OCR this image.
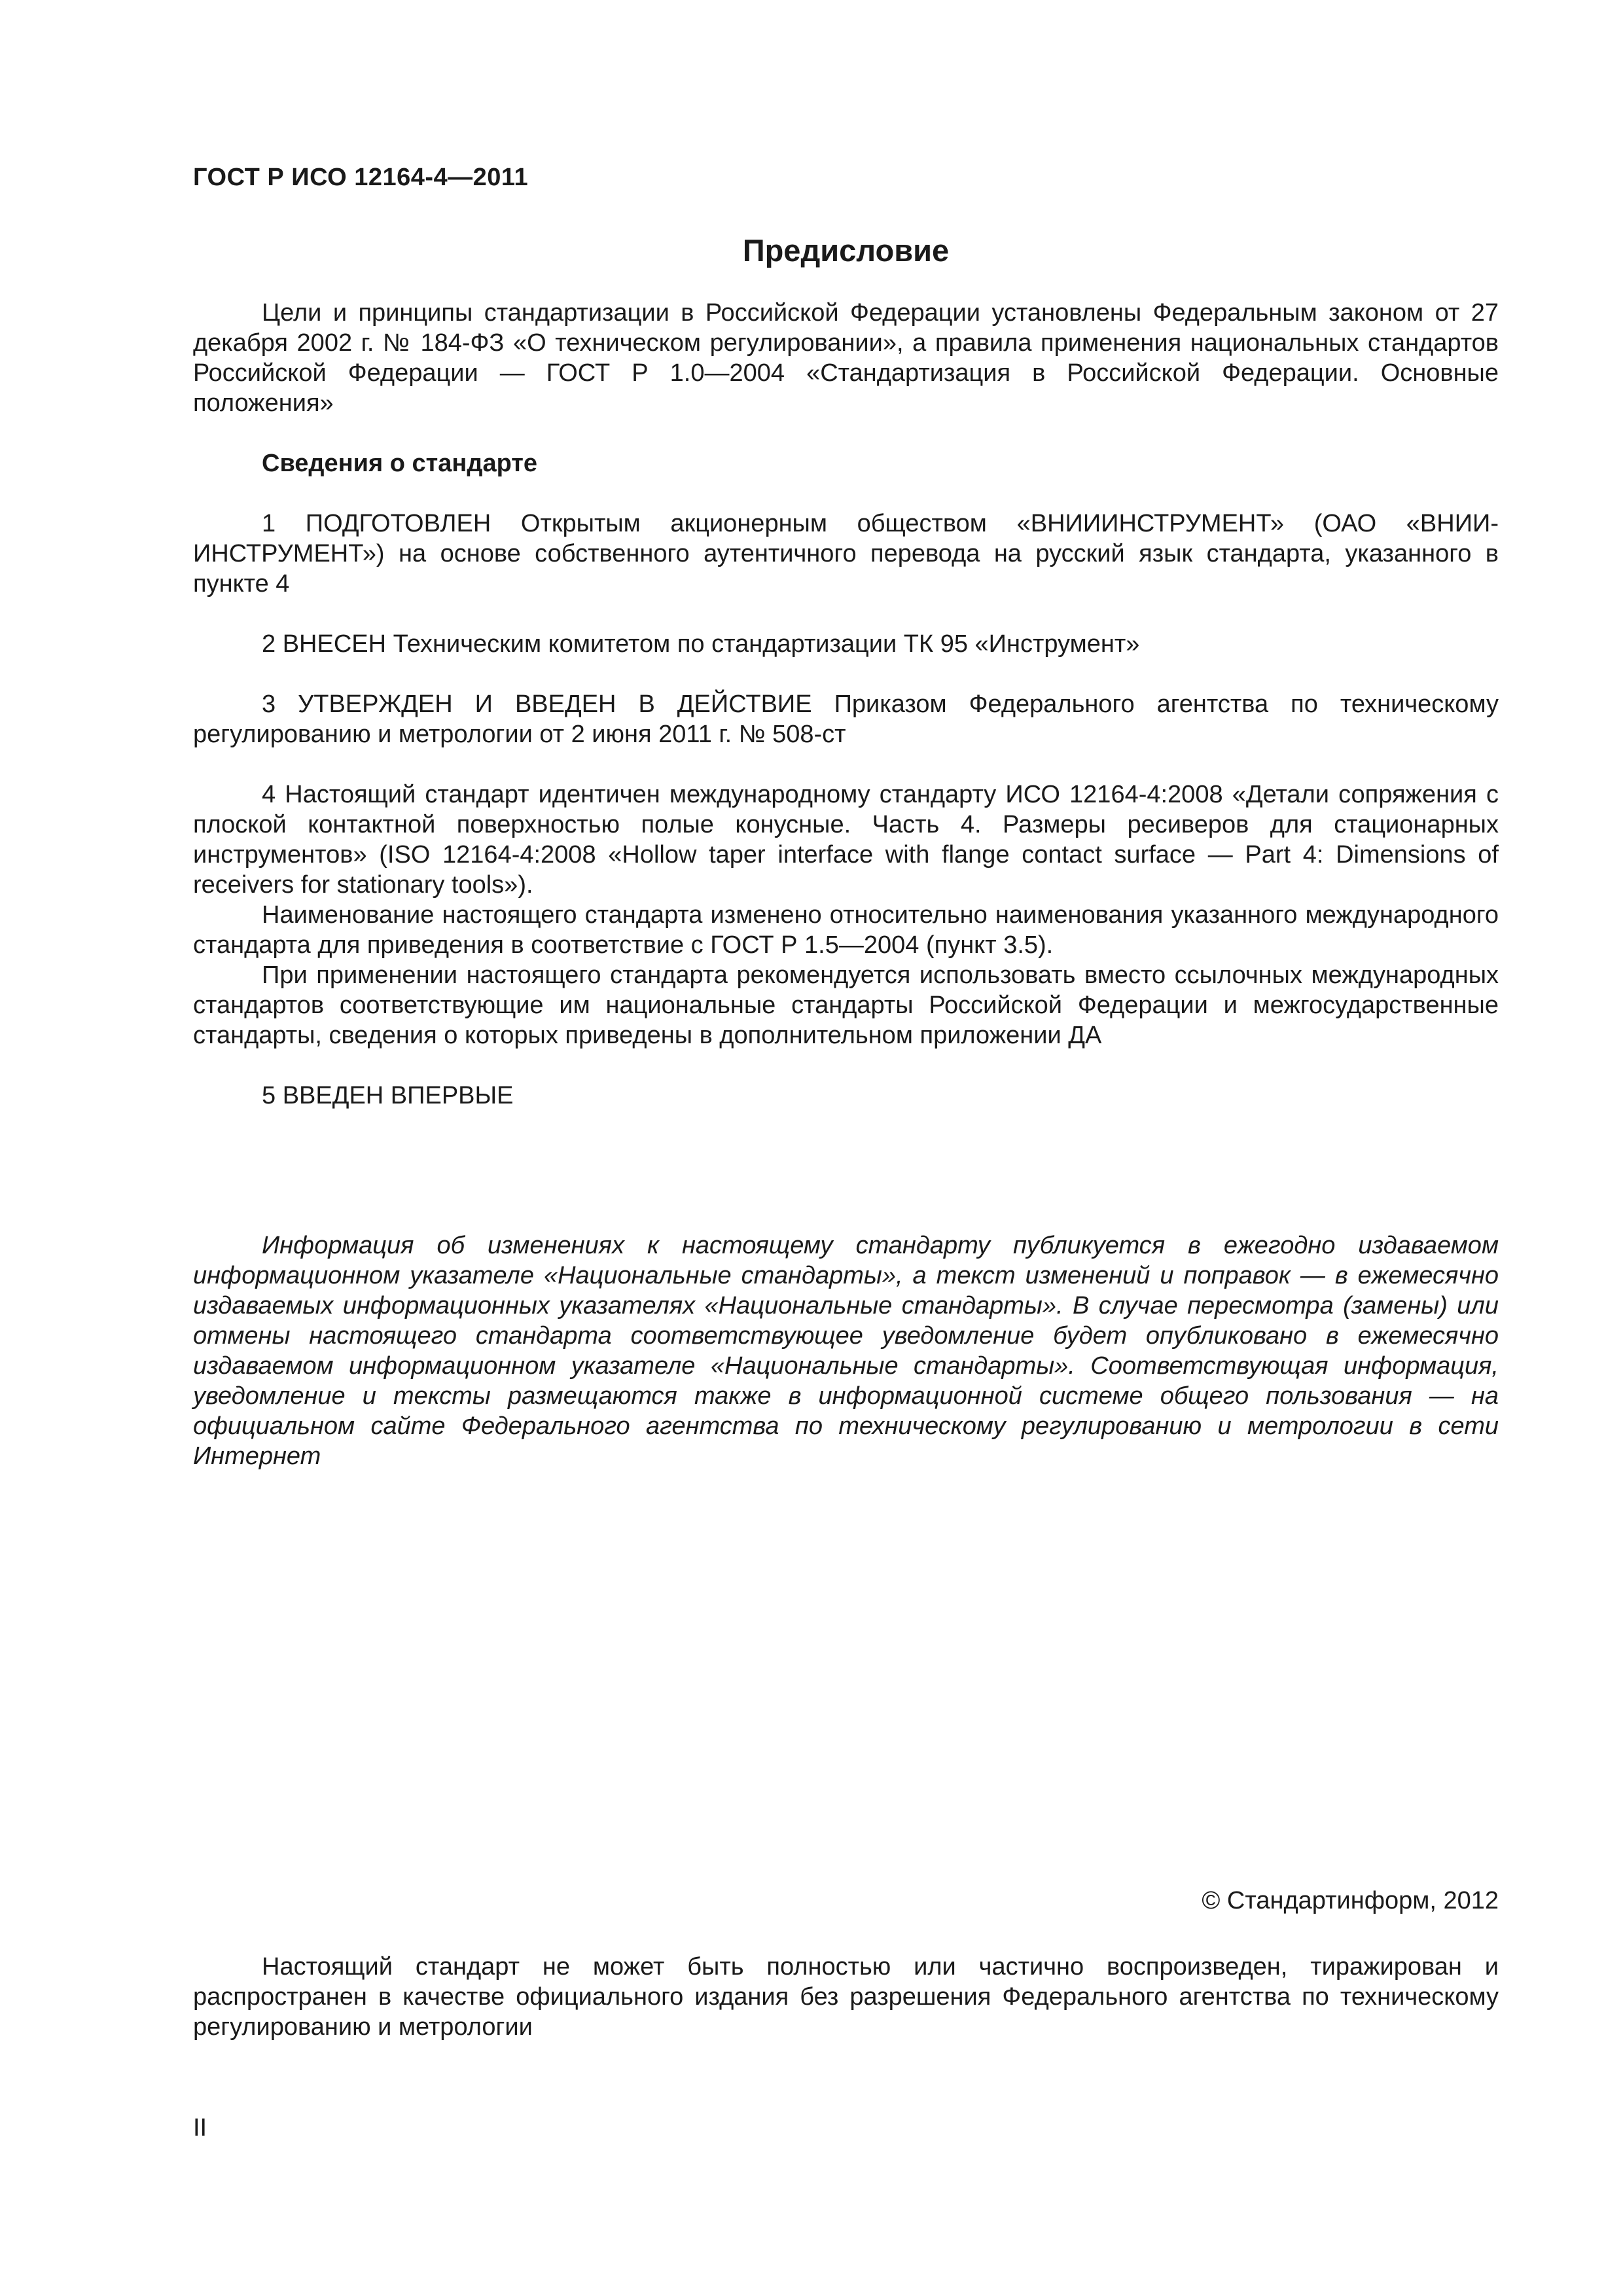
ГОСТ Р ИСО 12164-4—2011
Предисловие

Цели и принципы стандартизации в Российской Федерации установлены Федеральным законом от 27 декабря 2002 г. № 184-ФЗ «О техническом регулировании», а правила применения национальных стандартов Российской Федерации — ГОСТ Р 1.0—2004 «Стандартизация в Российской Федерации. Основные положения»

Сведения о стандарте

1 ПОДГОТОВЛЕН Открытым акционерным обществом «ВНИИИНСТРУМЕНТ» (ОАО «ВНИИ-ИНСТРУМЕНТ») на основе собственного аутентичного перевода на русский язык стандарта, указанного в пункте 4

2 ВНЕСЕН Техническим комитетом по стандартизации ТК 95 «Инструмент»

3 УТВЕРЖДЕН И ВВЕДЕН В ДЕЙСТВИЕ Приказом Федерального агентства по техническому регулированию и метрологии от 2 июня 2011 г. № 508-ст

4 Настоящий стандарт идентичен международному стандарту ИСО 12164-4:2008 «Детали сопряжения с плоской контактной поверхностью полые конусные. Часть 4. Размеры ресиверов для стационарных инструментов» (ISO 12164-4:2008 «Hollow taper interface with flange contact surface — Part 4: Dimensions of receivers for stationary tools»).

Наименование настоящего стандарта изменено относительно наименования указанного международного стандарта для приведения в соответствие с ГОСТ Р 1.5—2004 (пункт 3.5).

При применении настоящего стандарта рекомендуется использовать вместо ссылочных международных стандартов соответствующие им национальные стандарты Российской Федерации и межгосударственные стандарты, сведения о которых приведены в дополнительном приложении ДА

5 ВВЕДЕН ВПЕРВЫЕ

Информация об изменениях к настоящему стандарту публикуется в ежегодно издаваемом информационном указателе «Национальные стандарты», а текст изменений и поправок — в ежемесячно издаваемых информационных указателях «Национальные стандарты». В случае пересмотра (замены) или отмены настоящего стандарта соответствующее уведомление будет опубликовано в ежемесячно издаваемом информационном указателе «Национальные стандарты». Соответствующая информация, уведомление и тексты размещаются также в информационной системе общего пользования — на официальном сайте Федерального агентства по техническому регулированию и метрологии в сети Интернет

© Стандартинформ, 2012

Настоящий стандарт не может быть полностью или частично воспроизведен, тиражирован и распространен в качестве официального издания без разрешения Федерального агентства по техническому регулированию и метрологии

II
